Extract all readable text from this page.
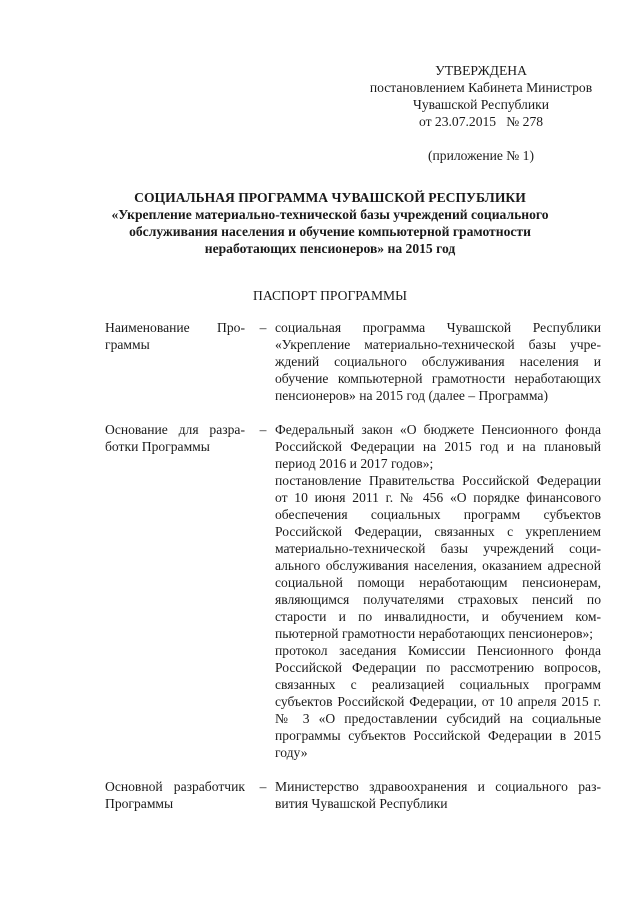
УТВЕРЖДЕНА
постановлением Кабинета Министров
Чувашской Республики
от 23.07.2015   № 278
(приложение № 1)
СОЦИАЛЬНАЯ ПРОГРАММА ЧУВАШСКОЙ РЕСПУБЛИКИ
«Укрепление материально-технической базы учреждений социального
обслуживания населения и обучение компьютерной грамотности
неработающих пенсионеров» на 2015 год
ПАСПОРТ ПРОГРАММЫ
Наименование Программы
– социальная программа Чувашской Республики «Укрепление материально-технической базы учреждений социального обслуживания населения и обучение компьютерной грамотности неработающих пенсионеров» на 2015 год (далее – Программа)

Основание для разработки Программы
– Федеральный закон «О бюджете Пенсионного фонда Российской Федерации на 2015 год и на плановый период 2016 и 2017 годов»;

постановление Правительства Российской Федерации от 10 июня 2011 г. № 456 «О порядке финансового обеспечения социальных программ субъектов Российской Федерации, связанных с укреплением материально-технической базы учреждений социального обслуживания населения, оказанием адресной социальной помощи неработающим пенсионерам, являющимся получателями страховых пенсий по старости и по инвалидности, и обучением компьютерной грамотности неработающих пенсионеров»;

протокол заседания Комиссии Пенсионного фонда Российской Федерации по рассмотрению вопросов, связанных с реализацией социальных программ субъектов Российской Федерации, от 10 апреля 2015 г. № 3 «О предоставлении субсидий на социальные программы субъектов Российской Федерации в 2015 году»

Основной разработчик Программы
– Министерство здравоохранения и социального развития Чувашской Республики
